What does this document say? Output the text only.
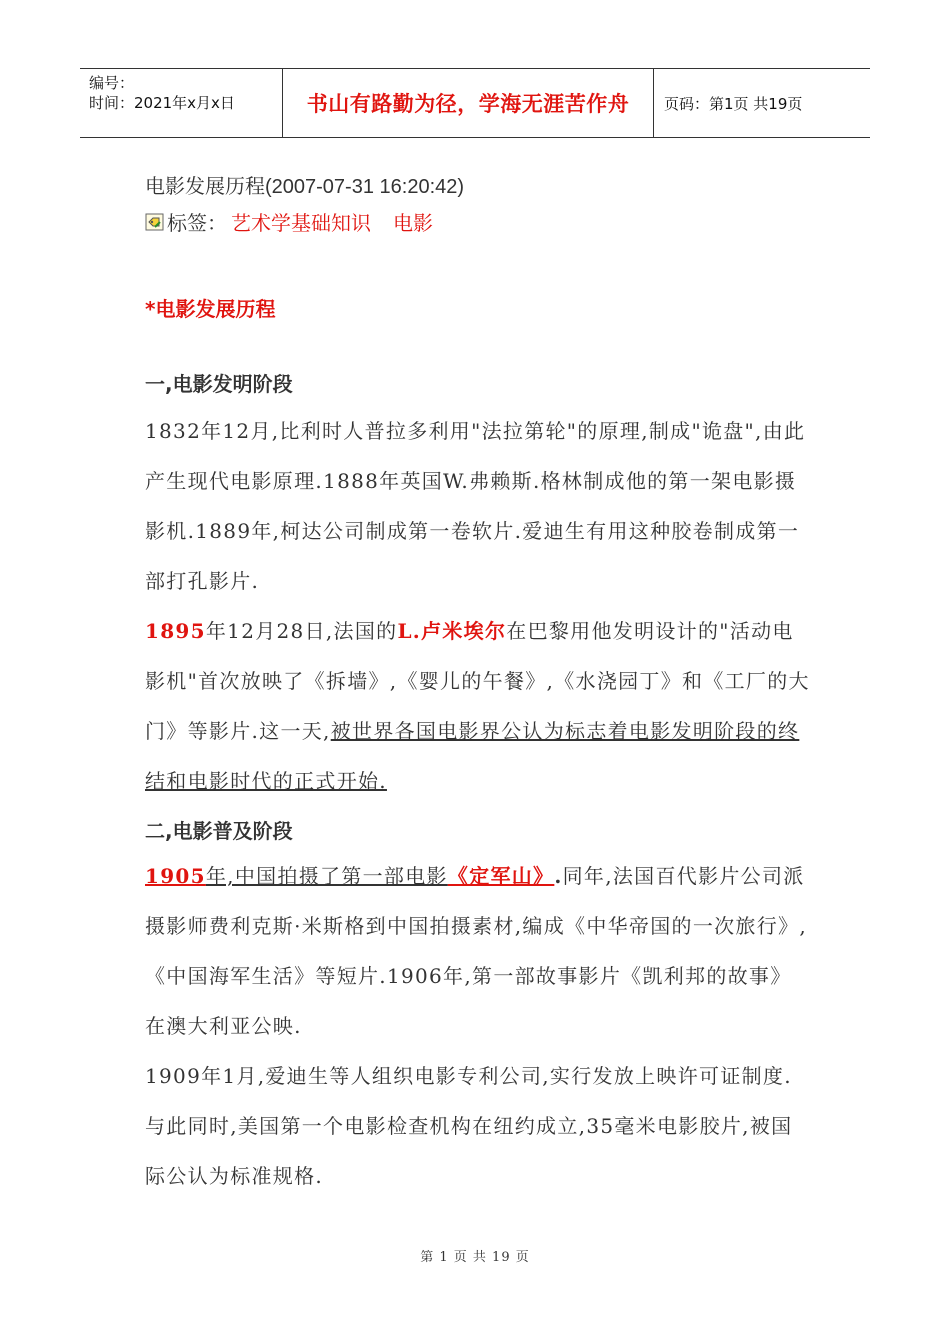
编号：
时间：2021年x月x日	书山有路勤为径，学海无涯苦作舟	页码：第1页 共19页
电影发展历程(2007-07-31 16:20:42)
标签： 艺术学基础知识 电影
*电影发展历程
一,电影发明阶段

1832年12月,比利时人普拉多利用"法拉第轮"的原理,制成"诡盘",由此产生现代电影原理.1888年英国W.弗赖斯.格林制成他的第一架电影摄影机.1889年,柯达公司制成第一卷软片.爱迪生有用这种胶卷制成第一部打孔影片.

1895年12月28日,法国的L.卢米埃尔在巴黎用他发明设计的"活动电影机"首次放映了《拆墙》,《婴儿的午餐》,《水浇园丁》和《工厂的大门》等影片.这一天,被世界各国电影界公认为标志着电影发明阶段的终结和电影时代的正式开始.

二,电影普及阶段

1905年,中国拍摄了第一部电影《定军山》.同年,法国百代影片公司派摄影师费利克斯·米斯格到中国拍摄素材,编成《中华帝国的一次旅行》,《中国海军生活》等短片.1906年,第一部故事影片《凯利邦的故事》在澳大利亚公映.

1909年1月,爱迪生等人组织电影专利公司,实行发放上映许可证制度.与此同时,美国第一个电影检查机构在纽约成立,35毫米电影胶片,被国际公认为标准规格.

第 1 页 共 19 页
